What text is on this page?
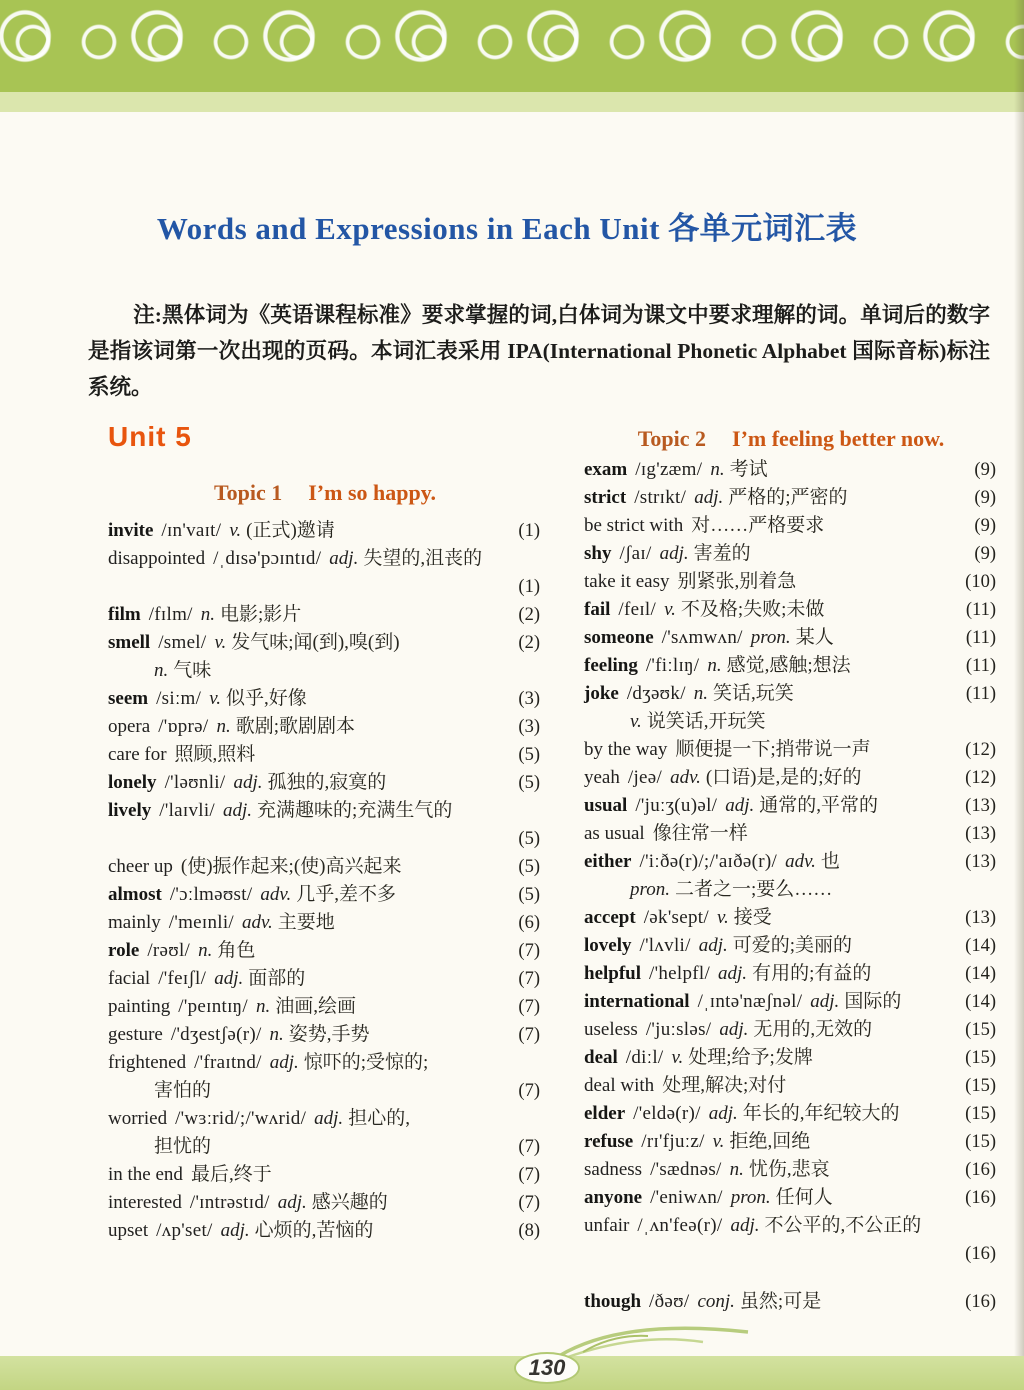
Words and Expressions in Each Unit 各单元词汇表
注:黑体词为《英语课程标准》要求掌握的词,白体词为课文中要求理解的词。单词后的数字是指该词第一次出现的页码。本词汇表采用 IPA(International Phonetic Alphabet 国际音标)标注系统。
Unit 5
Topic 1 I’m so happy.
(1)
invite /ɪn'vaɪt/ v. (正式)邀请
disappointed /ˌdɪsə'pɔɪntɪd/ adj. 失望的,沮丧的
(1)
(2)
film /fɪlm/ n. 电影;影片
(2)
smell /smel/ v. 发气味;闻(到),嗅(到)
n. 气味
(3)
seem /siːm/ v. 似乎,好像
(3)
opera /'ɒprə/ n. 歌剧;歌剧剧本
(5)
care for 照顾,照料
(5)
lonely /'ləʊnli/ adj. 孤独的,寂寞的
lively /'laɪvli/ adj. 充满趣味的;充满生气的
(5)
(5)
cheer up (使)振作起来;(使)高兴起来
(5)
almost /'ɔːlməʊst/ adv. 几乎,差不多
(6)
mainly /'meɪnli/ adv. 主要地
(7)
role /rəʊl/ n. 角色
(7)
facial /'feɪʃl/ adj. 面部的
(7)
painting /'peɪntɪŋ/ n. 油画,绘画
(7)
gesture /'dʒestʃə(r)/ n. 姿势,手势
frightened /'fraɪtnd/ adj. 惊吓的;受惊的;
害怕的	(7)
worried /'wɜːrid/;/'wʌrid/ adj. 担心的,
担忧的	(7)
(7)
in the end 最后,终于
(7)
interested /'ɪntrəstɪd/ adj. 感兴趣的
(8)
upset /ʌp'set/ adj. 心烦的,苦恼的
Topic 2 I’m feeling better now.
(9)
exam /ɪg'zæm/ n. 考试
(9)
strict /strɪkt/ adj. 严格的;严密的
(9)
be strict with 对……严格要求
(9)
shy /ʃaɪ/ adj. 害羞的
(10)
take it easy 别紧张,别着急
(11)
fail /feɪl/ v. 不及格;失败;未做
(11)
someone /'sʌmwʌn/ pron. 某人
(11)
feeling /'fiːlɪŋ/ n. 感觉,感触;想法
(11)
joke /dʒəʊk/ n. 笑话,玩笑
v. 说笑话,开玩笑
(12)
by the way 顺便提一下;捎带说一声
(12)
yeah /jeə/ adv. (口语)是,是的;好的
(13)
usual /'juːʒ(u)əl/ adj. 通常的,平常的
(13)
as usual 像往常一样
(13)
either /'iːðə(r)/;/'aɪðə(r)/ adv. 也
pron. 二者之一;要么……
(13)
accept /ək'sept/ v. 接受
(14)
lovely /'lʌvli/ adj. 可爱的;美丽的
(14)
helpful /'helpfl/ adj. 有用的;有益的
(14)
international /ˌɪntə'næʃnəl/ adj. 国际的
(15)
useless /'juːsləs/ adj. 无用的,无效的
(15)
deal /diːl/ v. 处理;给予;发牌
(15)
deal with 处理,解决;对付
(15)
elder /'eldə(r)/ adj. 年长的,年纪较大的
(15)
refuse /rɪ'fjuːz/ v. 拒绝,回绝
(16)
sadness /'sædnəs/ n. 忧伤,悲哀
(16)
anyone /'eniwʌn/ pron. 任何人
unfair /ˌʌn'feə(r)/ adj. 不公平的,不公正的
(16)
(16)
though /ðəʊ/ conj. 虽然;可是
130
